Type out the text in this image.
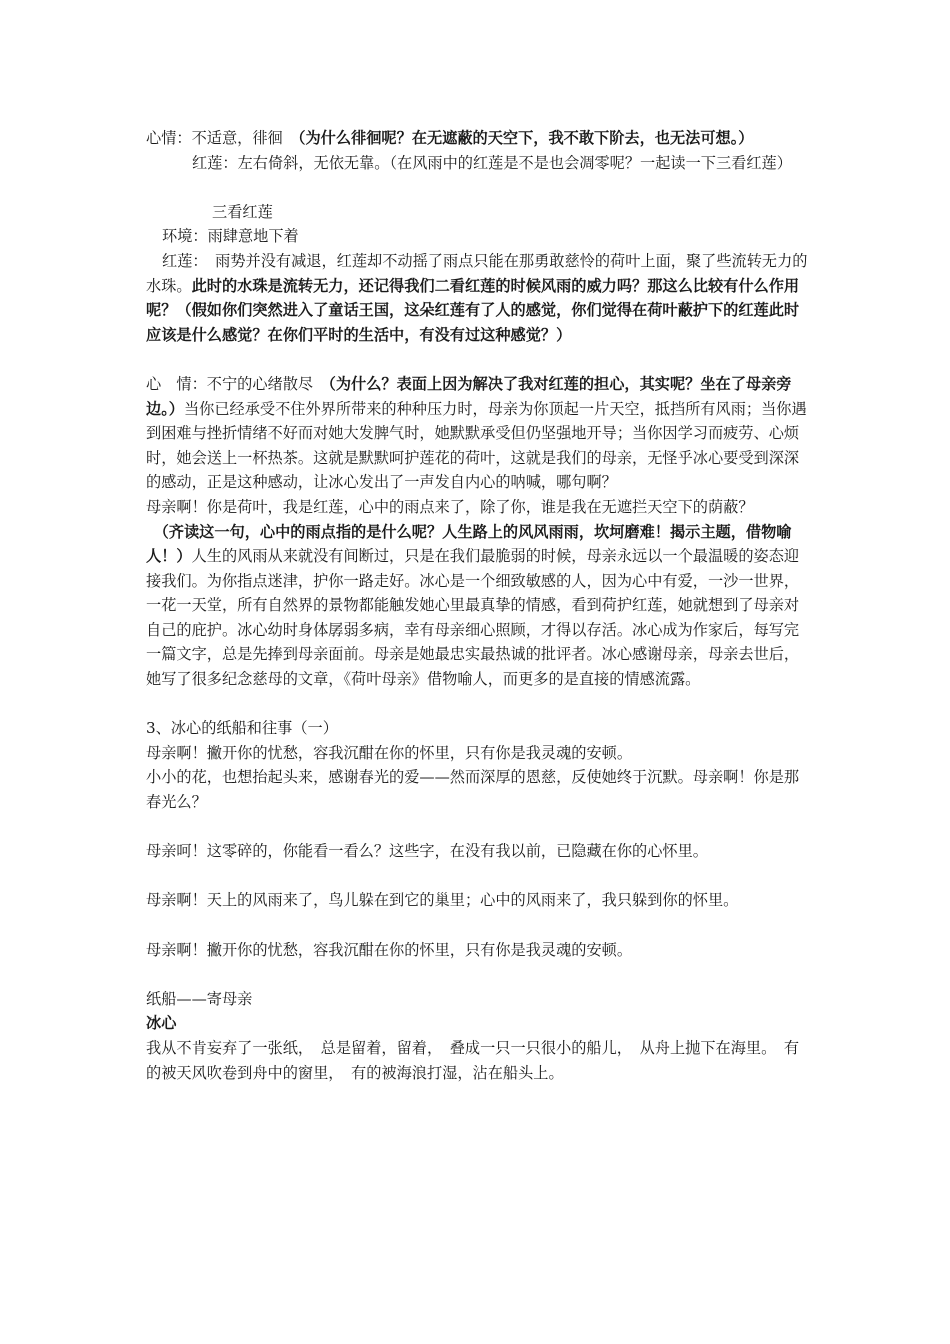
心情：不适意，徘徊　（为什么徘徊呢？在无遮蔽的天空下，我不敢下阶去，也无法可想。）

红莲：左右倚斜，无依无靠。（在风雨中的红莲是不是也会凋零呢？一起读一下三看红莲）

三看红莲

环境：雨肆意地下着

红莲：　雨势并没有减退，红莲却不动摇了雨点只能在那勇敢慈怜的荷叶上面，聚了些流转无力的水珠。此时的水珠是流转无力，还记得我们二看红莲的时候风雨的威力吗？那这么比较有什么作用呢？（假如你们突然进入了童话王国，这朵红莲有了人的感觉，你们觉得在荷叶蔽护下的红莲此时应该是什么感觉？在你们平时的生活中，有没有过这种感觉？）

心　情：不宁的心绪散尽　（为什么？表面上因为解决了我对红莲的担心，其实呢？坐在了母亲旁边。）当你已经承受不住外界所带来的种种压力时，母亲为你顶起一片天空，抵挡所有风雨；当你遇到困难与挫折情绪不好而对她大发脾气时，她默默承受但仍坚强地开导；当你因学习而疲劳、心烦时，她会送上一杯热茶。这就是默默呵护莲花的荷叶，这就是我们的母亲，无怪乎冰心要受到深深的感动，正是这种感动，让冰心发出了一声发自内心的呐喊，哪句啊？

母亲啊！你是荷叶，我是红莲，心中的雨点来了，除了你，谁是我在无遮拦天空下的荫蔽？

　（齐读这一句，心中的雨点指的是什么呢？人生路上的风风雨雨，坎坷磨难！揭示主题，借物喻人！）人生的风雨从来就没有间断过，只是在我们最脆弱的时候，母亲永远以一个最温暖的姿态迎接我们。为你指点迷津，护你一路走好。冰心是一个细致敏感的人，因为心中有爱，一沙一世界，一花一天堂，所有自然界的景物都能触发她心里最真挚的情感，看到荷护红莲，她就想到了母亲对自己的庇护。冰心幼时身体孱弱多病，幸有母亲细心照顾，才得以存活。冰心成为作家后，每写完一篇文字，总是先捧到母亲面前。母亲是她最忠实最热诚的批评者。冰心感谢母亲，母亲去世后，她写了很多纪念慈母的文章，《荷叶母亲》借物喻人，而更多的是直接的情感流露。

3、冰心的纸船和往事（一）

母亲啊！撇开你的忧愁，容我沉酣在你的怀里，只有你是我灵魂的安顿。

小小的花，也想抬起头来，感谢春光的爱——然而深厚的恩慈，反使她终于沉默。母亲啊！你是那春光么？

母亲呵！这零碎的，你能看一看么？这些字，在没有我以前，已隐藏在你的心怀里。

母亲啊！天上的风雨来了，鸟儿躲在到它的巢里；心中的风雨来了，我只躲到你的怀里。

母亲啊！撇开你的忧愁，容我沉酣在你的怀里，只有你是我灵魂的安顿。

纸船——寄母亲

冰心

我从不肯妄弃了一张纸，　总是留着，留着，　叠成一只一只很小的船儿，　从舟上抛下在海里。　有的被天风吹卷到舟中的窗里，　有的被海浪打湿，沾在船头上。
